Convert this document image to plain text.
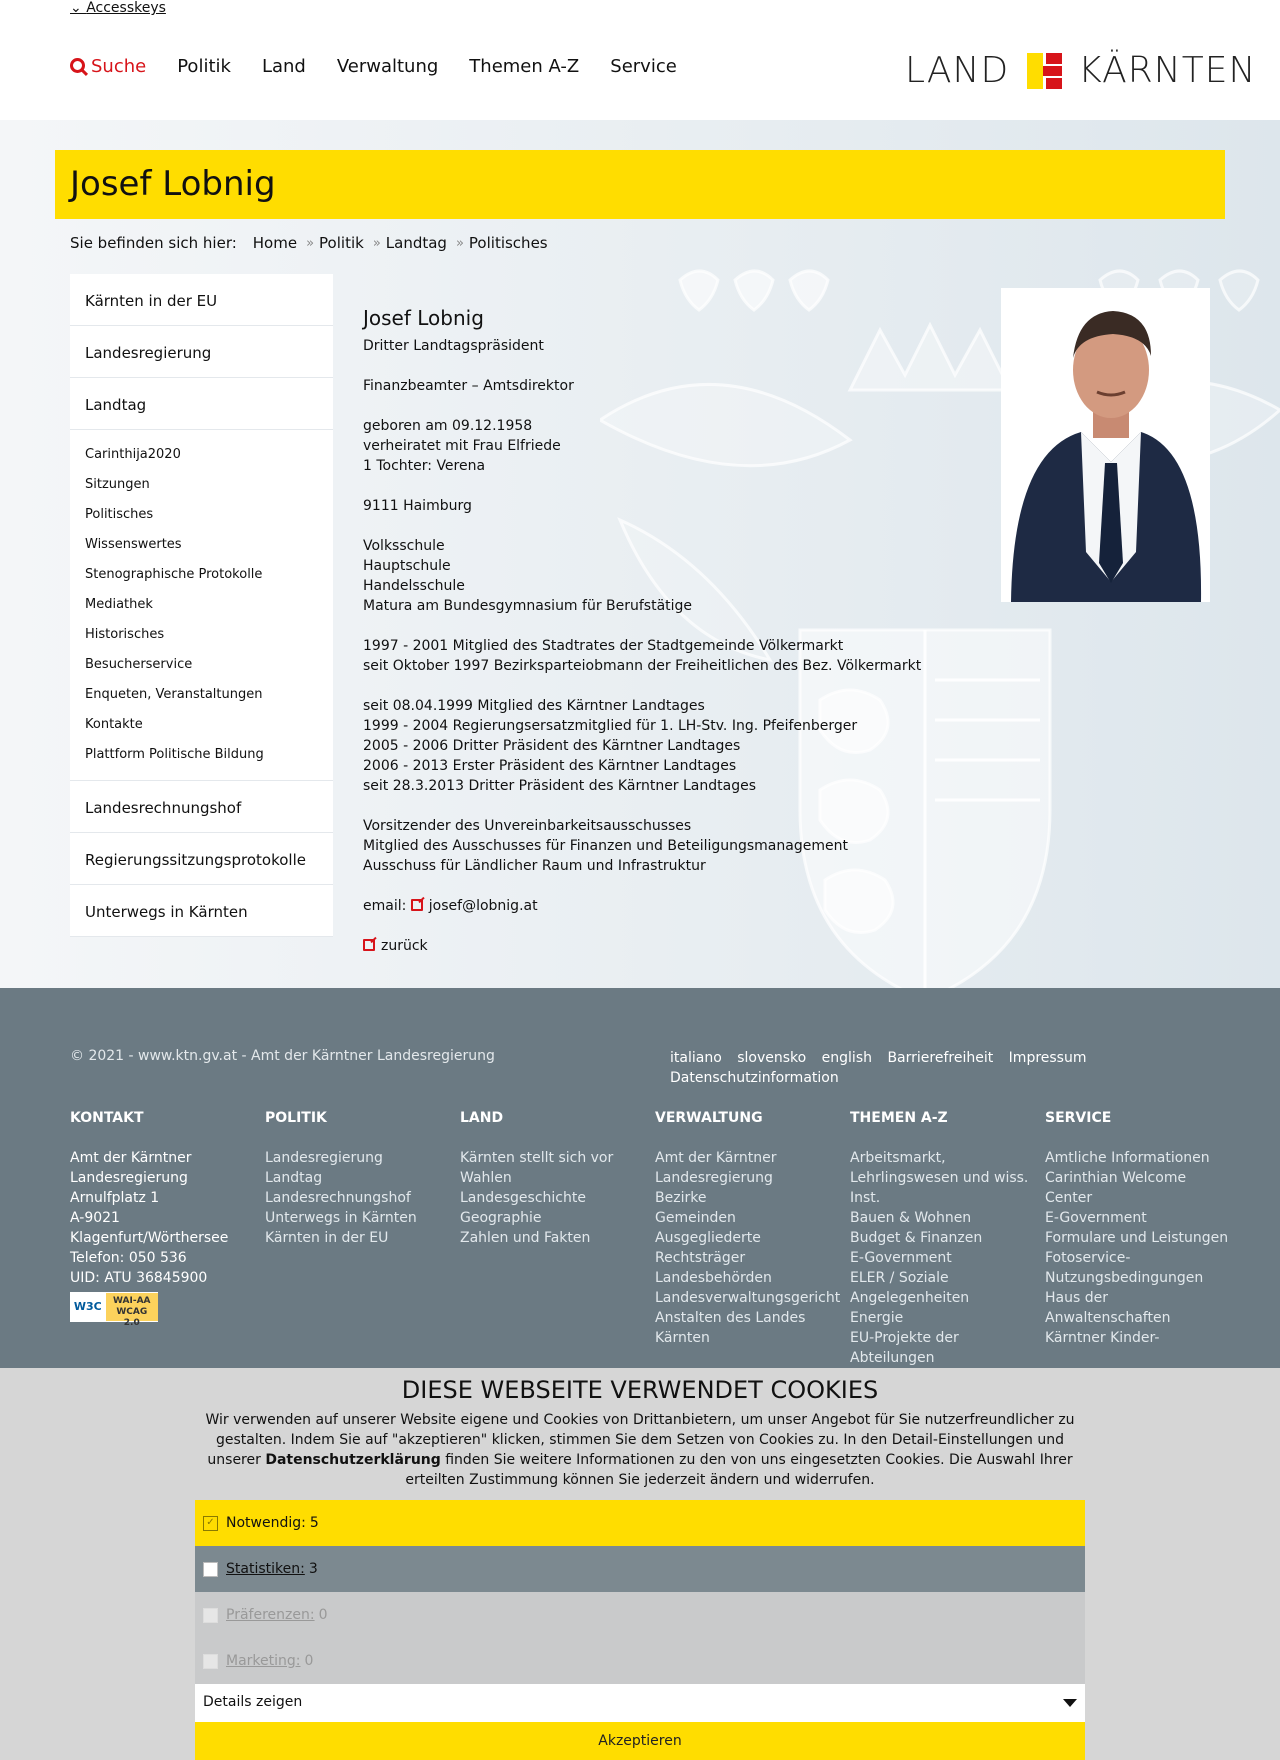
⌄ Accesskeys
Suche Politik Land Verwaltung Themen A-Z Service	LAND KÄRNTEN
Josef Lobnig
Sie befinden sich hier: Home » Politik » Landtag » Politisches
Kärnten in der EU
Landesregierung
Landtag
Carinthija2020
Sitzungen
Politisches
Wissenswertes
Stenographische Protokolle
Mediathek
Historisches
Besucherservice
Enqueten, Veranstaltungen
Kontakte
Plattform Politische Bildung
Landesrechnungshof
Regierungssitzungsprotokolle
Unterwegs in Kärnten
Josef Lobnig
Dritter Landtagspräsident
Finanzbeamter – Amtsdirektor
geboren am 09.12.1958
verheiratet mit Frau Elfriede
1 Tochter: Verena
9111 Haimburg
Volksschule
Hauptschule
Handelsschule
Matura am Bundesgymnasium für Berufstätige
1997 - 2001 Mitglied des Stadtrates der Stadtgemeinde Völkermarkt
seit Oktober 1997 Bezirksparteiobmann der Freiheitlichen des Bez. Völkermarkt
seit 08.04.1999 Mitglied des Kärntner Landtages
1999 - 2004 Regierungsersatzmitglied für 1. LH-Stv. Ing. Pfeifenberger
2005 - 2006 Dritter Präsident des Kärntner Landtages
2006 - 2013 Erster Präsident des Kärntner Landtages
seit 28.3.2013 Dritter Präsident des Kärntner Landtages
Vorsitzender des Unvereinbarkeitsausschusses
Mitglied des Ausschusses für Finanzen und Beteiligungsmanagement
Ausschuss für Ländlicher Raum und Infrastruktur
email: josef@lobnig.at
zurück
© 2021 - www.ktn.gv.at - Amt der Kärntner Landesregierung	italiano slovensko english Barrierefreiheit Impressum Datenschutzinformation
KONTAKT
Amt der Kärntner Landesregierung
Arnulfplatz 1
A-9021 Klagenfurt/Wörthersee
Telefon: 050 536
UID: ATU 36845900
W3C	WAI-AA
WCAG 2.0
POLITIK
Landesregierung
Landtag
Landesrechnungshof
Unterwegs in Kärnten
Kärnten in der EU
LAND
Kärnten stellt sich vor
Wahlen
Landesgeschichte
Geographie
Zahlen und Fakten
VERWALTUNG
Amt der Kärntner Landesregierung
Bezirke
Gemeinden
Ausgegliederte Rechtsträger
Landesbehörden
Landesverwaltungsgericht
Anstalten des Landes Kärnten
THEMEN A-Z
Arbeitsmarkt, Lehrlingswesen und wiss. Inst.
Bauen & Wohnen
Budget & Finanzen
E-Government
ELER / Soziale Angelegenheiten
Energie
EU-Projekte der Abteilungen
SERVICE
Amtliche Informationen
Carinthian Welcome Center
E-Government
Formulare und Leistungen
Fotoservice-Nutzungsbedingungen
Haus der Anwaltenschaften
Kärntner Kinder-
DIESE WEBSEITE VERWENDET COOKIES

Wir verwenden auf unserer Website eigene und Cookies von Drittanbietern, um unser Angebot für Sie nutzerfreundlicher zu gestalten. Indem Sie auf "akzeptieren" klicken, stimmen Sie dem Setzen von Cookies zu. In den Detail-Einstellungen und unserer Datenschutzerklärung finden Sie weitere Informationen zu den von uns eingesetzten Cookies. Die Auswahl Ihrer erteilten Zustimmung können Sie jederzeit ändern und widerrufen.

✓ Notwendig: 5
Statistiken: 3
Präferenzen: 0
Marketing: 0
Details zeigen
Akzeptieren
